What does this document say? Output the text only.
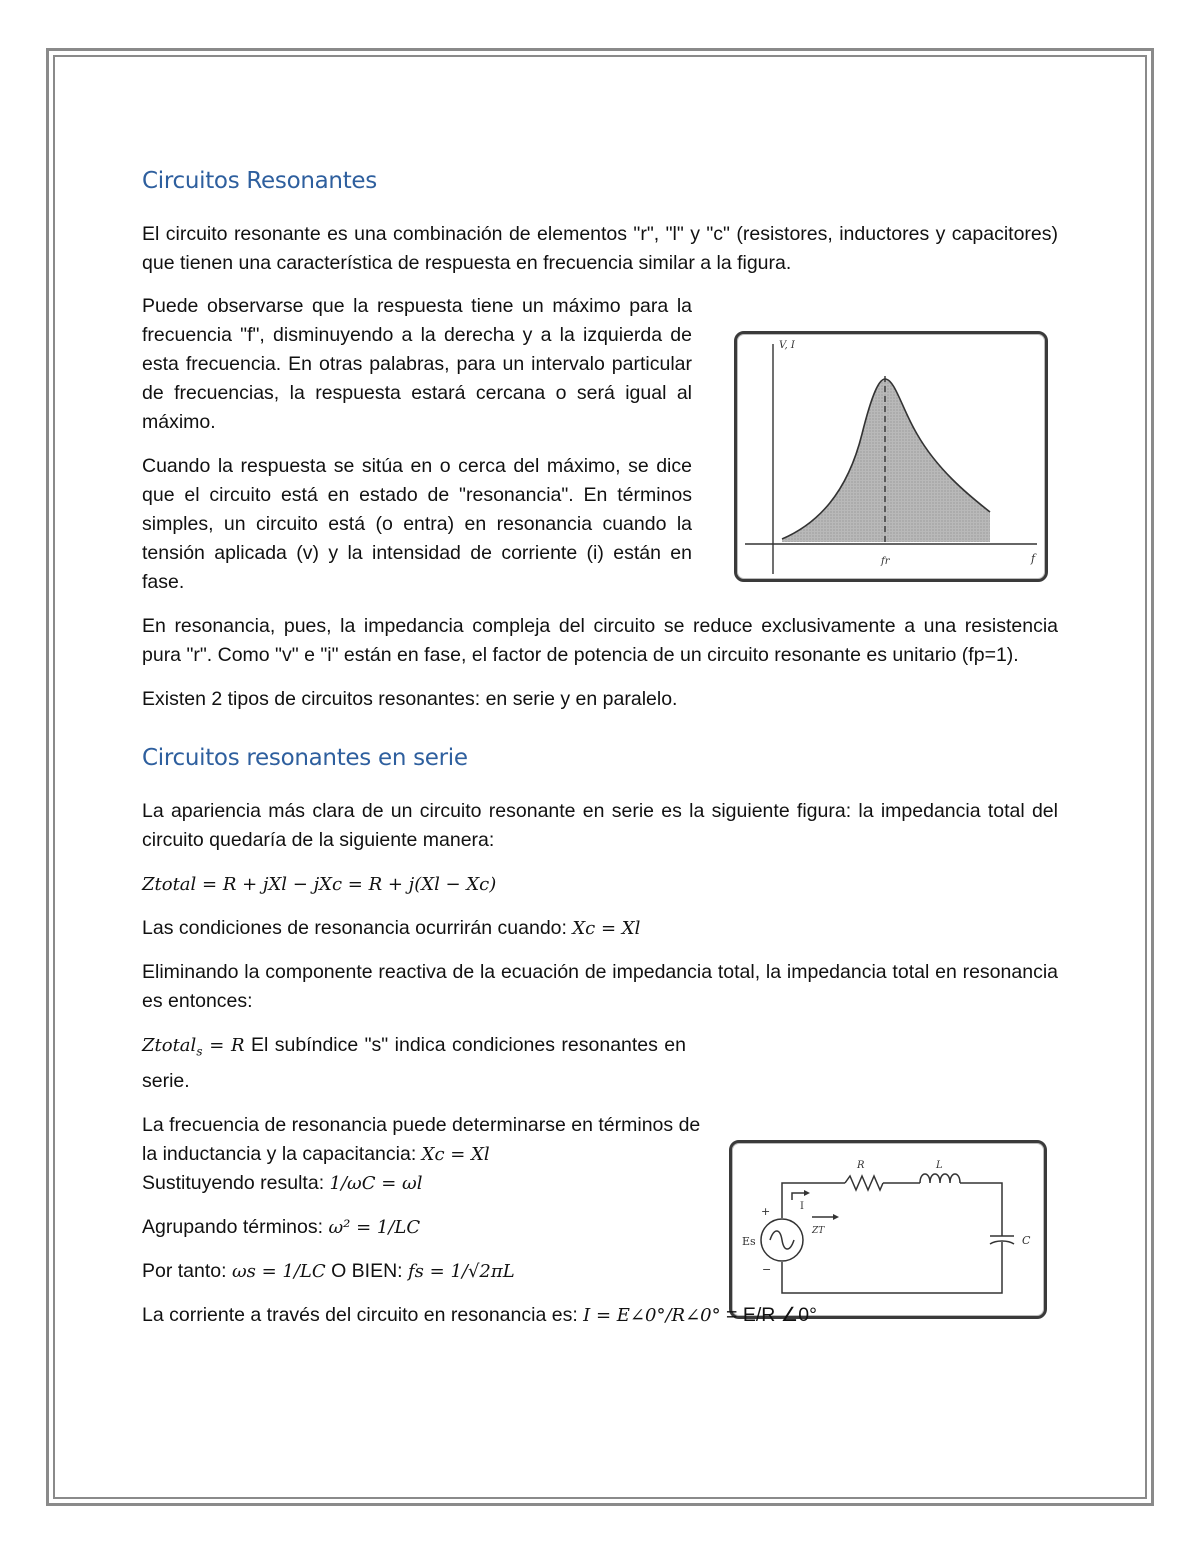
V, I
f
fr
R	L
C
Es
I
ZT
+
−
Circuitos Resonantes

El circuito resonante es una combinación de elementos "r", "l" y "c" (resistores, inductores y capacitores) que tienen una característica de respuesta en frecuencia similar a la figura.

Puede observarse que la respuesta tiene un máximo para la frecuencia "f", disminuyendo a la derecha y a la izquierda de esta frecuencia. En otras palabras, para un intervalo particular de frecuencias, la respuesta estará cercana o será igual al máximo.

Cuando la respuesta se sitúa en o cerca del máximo, se dice que el circuito está en estado de "resonancia". En términos simples, un circuito está (o entra) en resonancia cuando la tensión aplicada (v) y la intensidad de corriente (i) están en fase.

En resonancia, pues, la impedancia compleja del circuito se reduce exclusivamente a una resistencia pura "r". Como "v" e "i" están en fase, el factor de potencia de un circuito resonante es unitario (fp=1).

Existen 2 tipos de circuitos resonantes: en serie y en paralelo.

Circuitos resonantes en serie

La apariencia más clara de un circuito resonante en serie es la siguiente figura: la impedancia total del circuito quedaría de la siguiente manera:

Ztotal = R + jXl − jXc = R + j(Xl − Xc)

Las condiciones de resonancia ocurrirán cuando: Xc = Xl

Eliminando la componente reactiva de la ecuación de impedancia total, la impedancia total en resonancia es entonces:

Ztotal$_s$ = R El subíndice "s" indica condiciones resonantes en serie.

La frecuencia de resonancia puede determinarse en términos de la inductancia y la capacitancia: Xc = Xl
Sustituyendo resulta: 1/ωC = ωl

Agrupando términos: ω² = 1/LC

Por tanto: ωs = 1/LC O BIEN: fs = 1/√2πL

La corriente a través del circuito en resonancia es: I = E∠0°/R∠0° = E/R ∠0°
